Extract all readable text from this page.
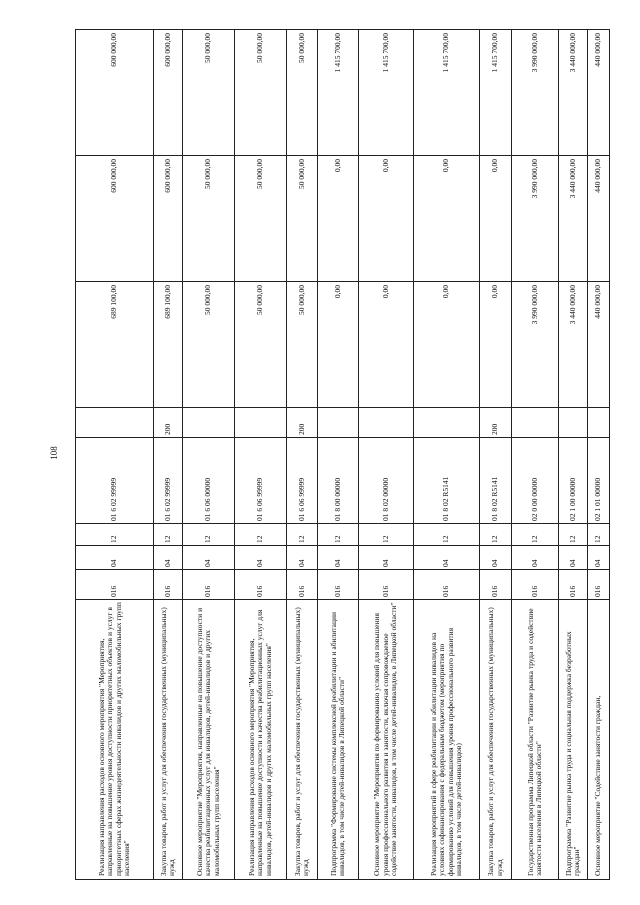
108
Реализация направления расходов основного мероприятия "Мероприятия, направленные на повышение уровня доступности приоритетных объектов и услуг в приоритетных сферах жизнедеятельности инвалидов и других маломобильных групп населения"	016	04	12	01 6 02 99999		689 100,00	600 000,00	600 000,00
Закупка товаров, работ и услуг для обеспечения государственных (муниципальных) нужд	016	04	12	01 6 02 99999	200	689 100,00	600 000,00	600 000,00
Основное мероприятие "Мероприятия, направленные на повышение доступности и качества реабилитационных услуг для инвалидов, детей-инвалидов и других маломобильных групп населения"	016	04	12	01 6 06 00000		50 000,00	50 000,00	50 000,00
Реализация направления расходов основного мероприятия "Мероприятия, направленные на повышение доступности и качества реабилитационных услуг для инвалидов, детей-инвалидов и других маломобильных групп населения"	016	04	12	01 6 06 99999		50 000,00	50 000,00	50 000,00
Закупка товаров, работ и услуг для обеспечения государственных (муниципальных) нужд	016	04	12	01 6 06 99999	200	50 000,00	50 000,00	50 000,00
Подпрограмма "Формирование системы комплексной реабилитации и абилитации инвалидов, в том числе детей-инвалидов в Липецкой области"	016	04	12	01 8 00 00000		0,00	0,00	1 415 700,00
Основное мероприятие "Мероприятия по формированию условий для повышения уровня профессионального развития и занятости, включая сопровождаемое содействие занятости, инвалидов, в том числе детей-инвалидов, в Липецкой области"	016	04	12	01 8 02 00000		0,00	0,00	1 415 700,00
Реализация мероприятий в сфере реабилитации и абилитации инвалидов на условиях софинансирования с федеральным бюджетом (мероприятия по формированию условий для повышения уровня профессионального развития инвалидов, в том числе детей-инвалидов)	016	04	12	01 8 02 R5141		0,00	0,00	1 415 700,00
Закупка товаров, работ и услуг для обеспечения государственных (муниципальных) нужд	016	04	12	01 8 02 R5141	200	0,00	0,00	1 415 700,00
Государственная программа Липецкой области "Развитие рынка труда и содействие занятости населения в Липецкой области"	016	04	12	02 0 00 00000		3 990 000,00	3 990 000,00	3 990 000,00
Подпрограмма "Развитие рынка труда и социальная поддержка безработных граждан"	016	04	12	02 1 00 00000		3 440 000,00	3 440 000,00	3 440 000,00
Основное мероприятие "Содействие занятости граждан,	016	04	12	02 1 01 00000		440 000,00	440 000,00	440 000,00
